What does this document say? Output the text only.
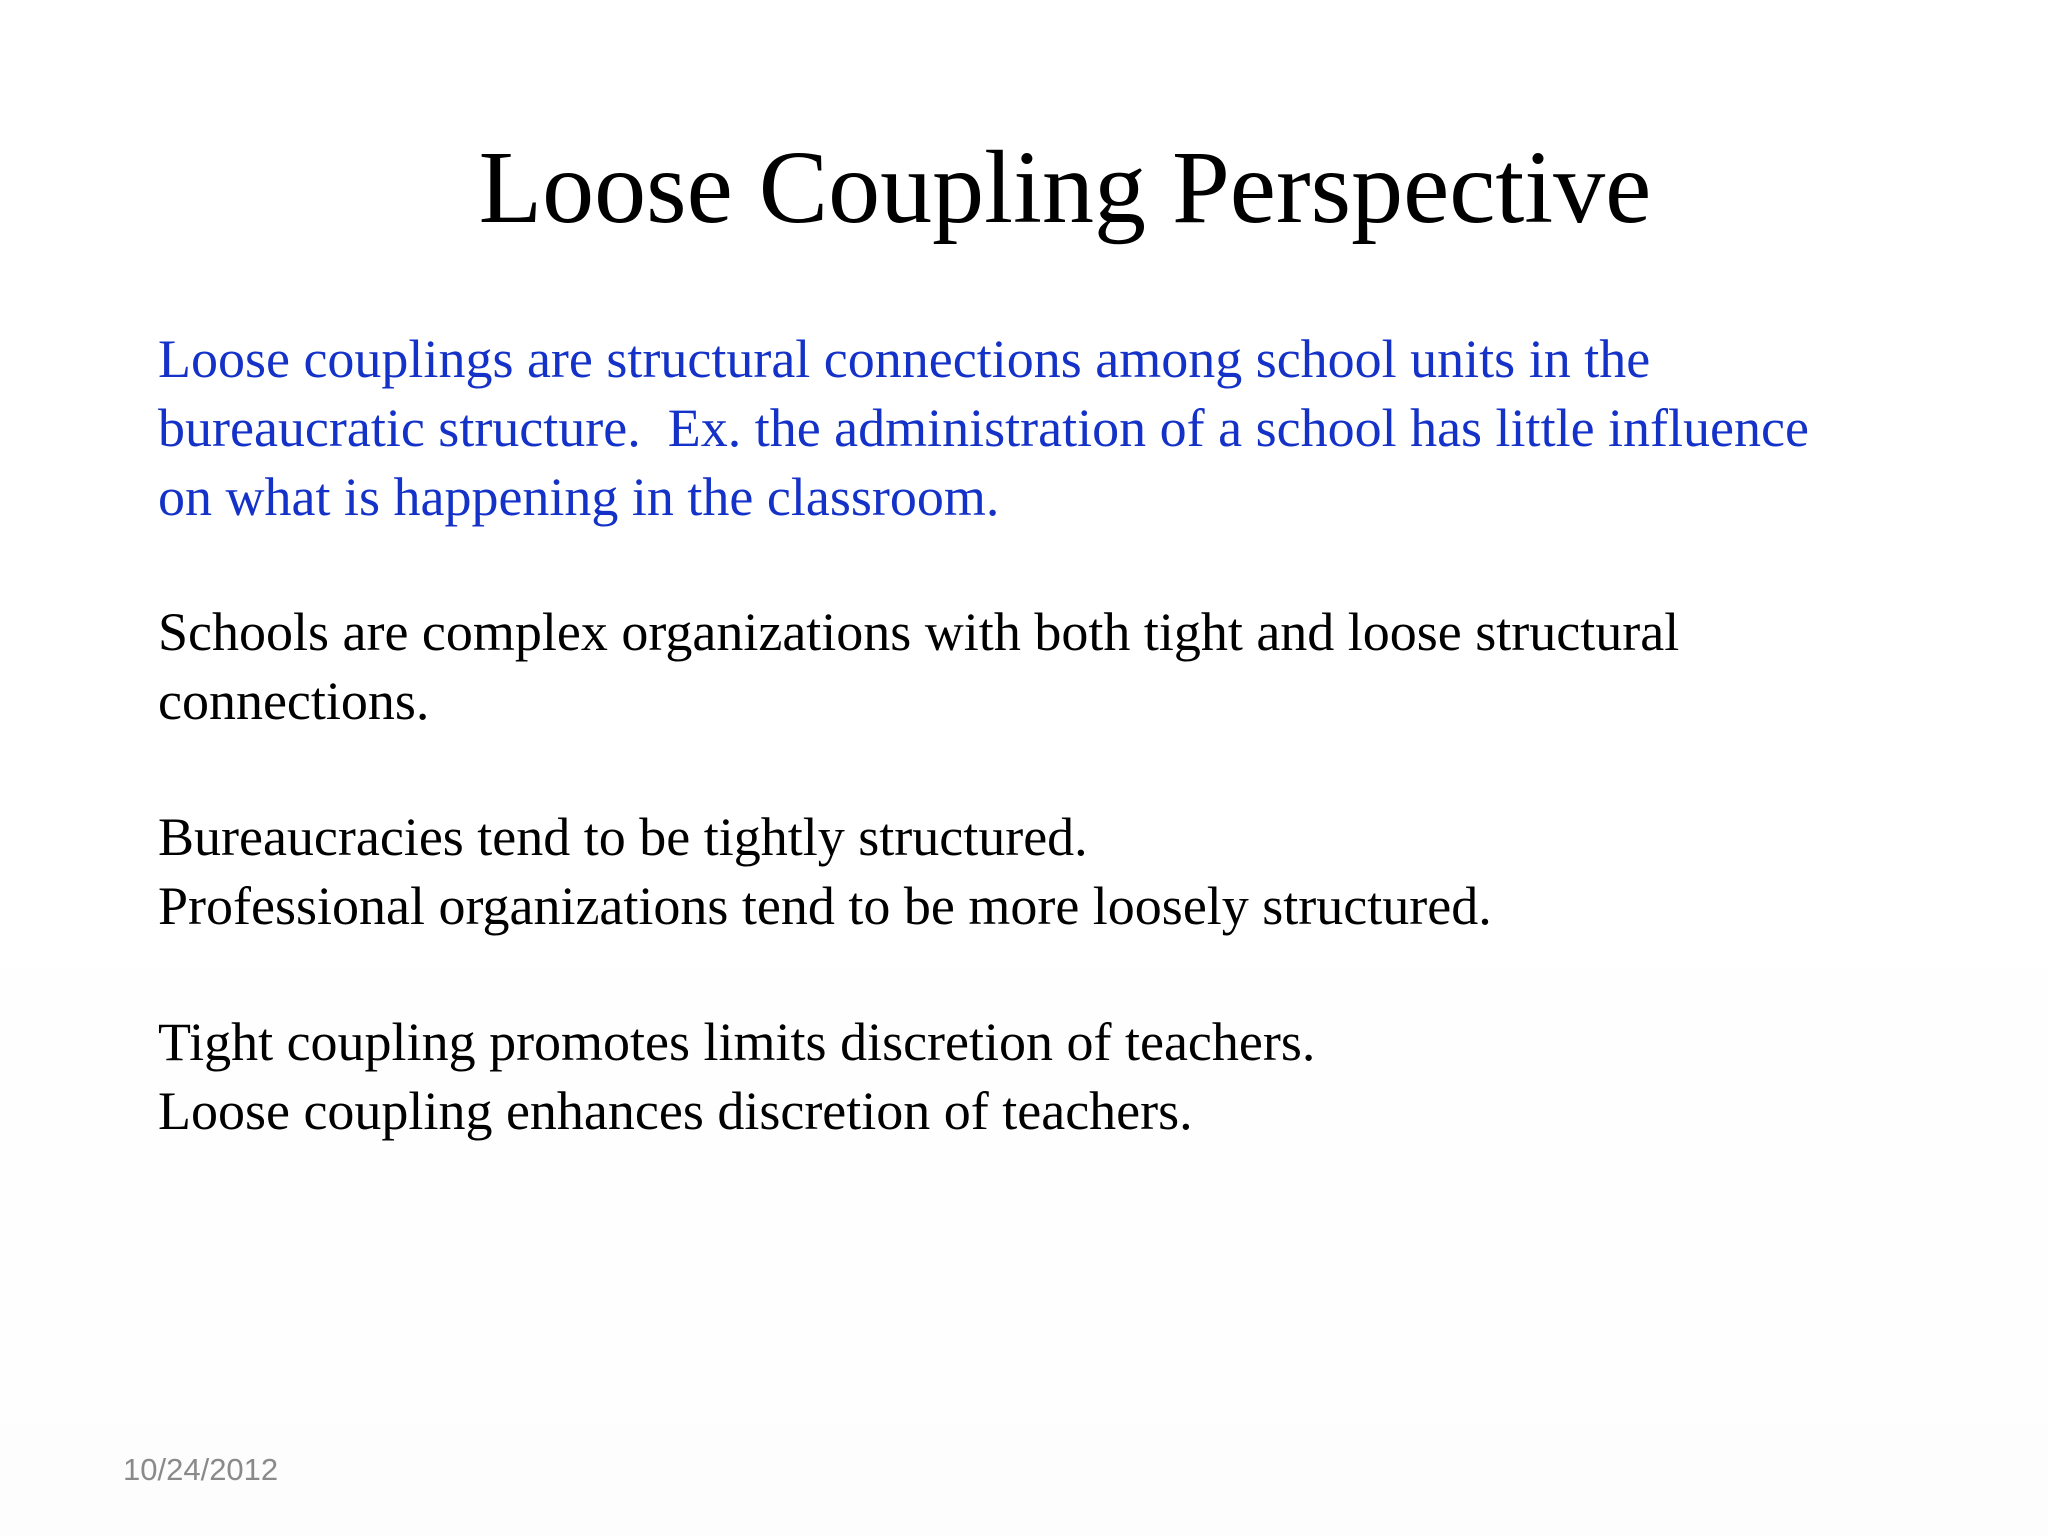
Loose Coupling Perspective
Loose couplings are structural connections among school units in the
bureaucratic structure.  Ex. the administration of a school has little influence
on what is happening in the classroom.
Schools are complex organizations with both tight and loose structural
connections.
Bureaucracies tend to be tightly structured.
Professional organizations tend to be more loosely structured.
Tight coupling promotes limits discretion of teachers.
Loose coupling enhances discretion of teachers.
10/24/2012
